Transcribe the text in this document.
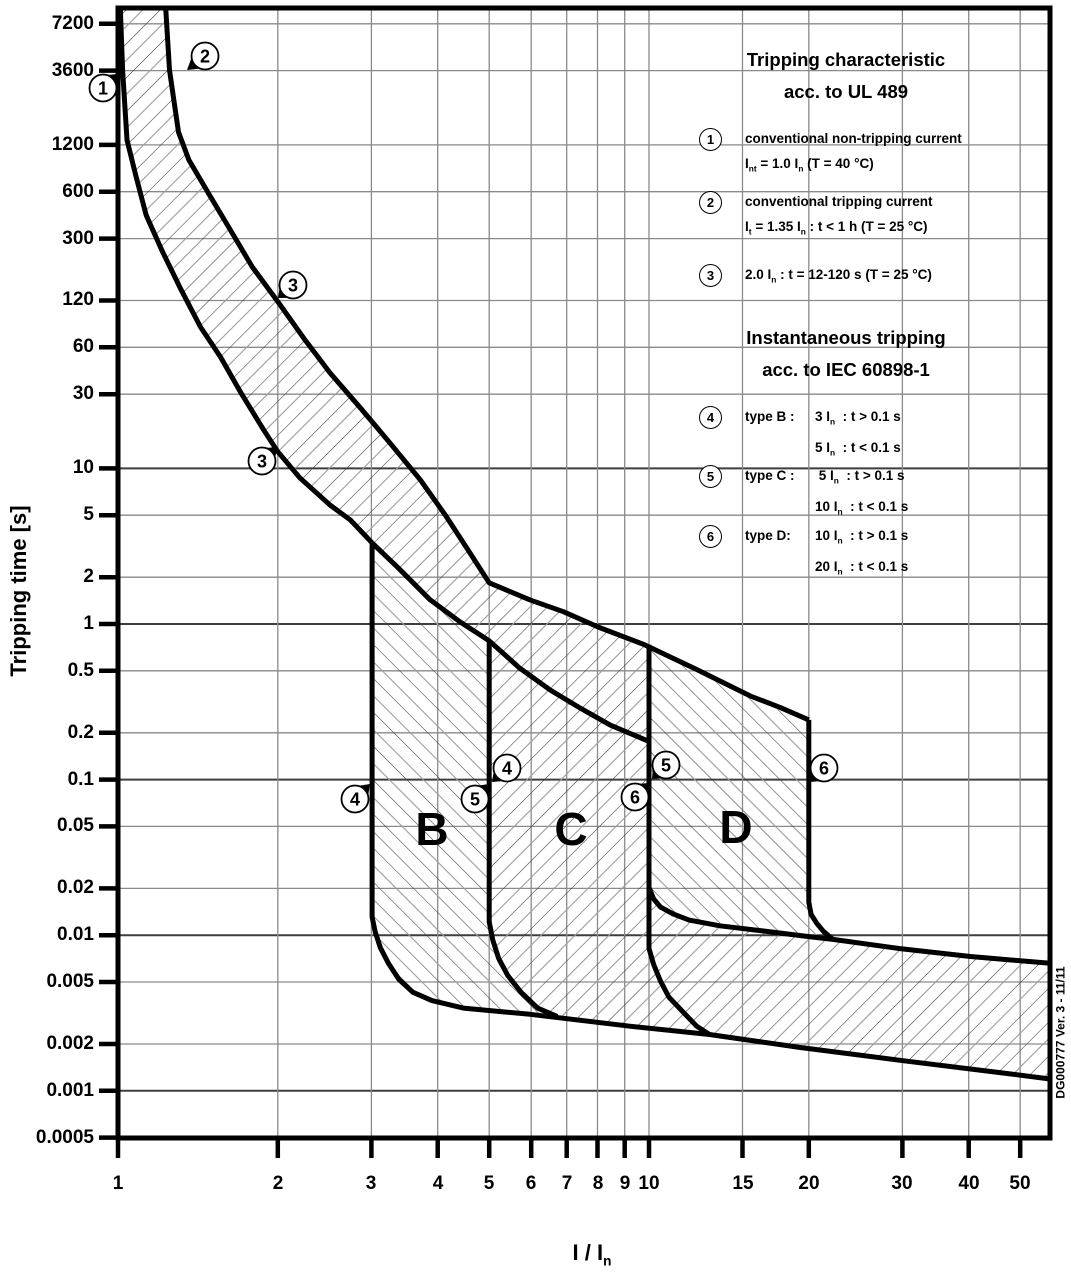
B C	D
1
2
3
3
4	5
4
6
5	6
7200
3600
1200
600
300
120
60
30
10
5
2
1
0.5
0.2
0.1
0.05
0.02
0.01
0.005
0.002
0.001
0.0005
1	2	3	4	5	6	7	8 9 10	15	20	30	40	50
Tripping time [s]
I / $I_n$
DG000777 Ver. 3 - 11/11
Tripping characteristic
acc. to UL 489
1	conventional non-tripping current
$I_{nt} = 1.0$ $I_n$ (T = 40 °C)
2	conventional tripping current
$I_t = 1.35$ $I_n$ : t < 1 h (T = 25 °C)
3	2.0 $I_n$ : t = 12-120 s (T = 25 °C)
Instantaneous tripping
acc. to IEC 60898-1
4	type B : 3 $I_n$  : t > 0.1 s
5 $I_n$  : t < 0.1 s
5	type C : 5 $I_n$  : t > 0.1 s
10 $I_n$  : t < 0.1 s
6	type D: 10 $I_n$  : t > 0.1 s
20 $I_n$  : t < 0.1 s
